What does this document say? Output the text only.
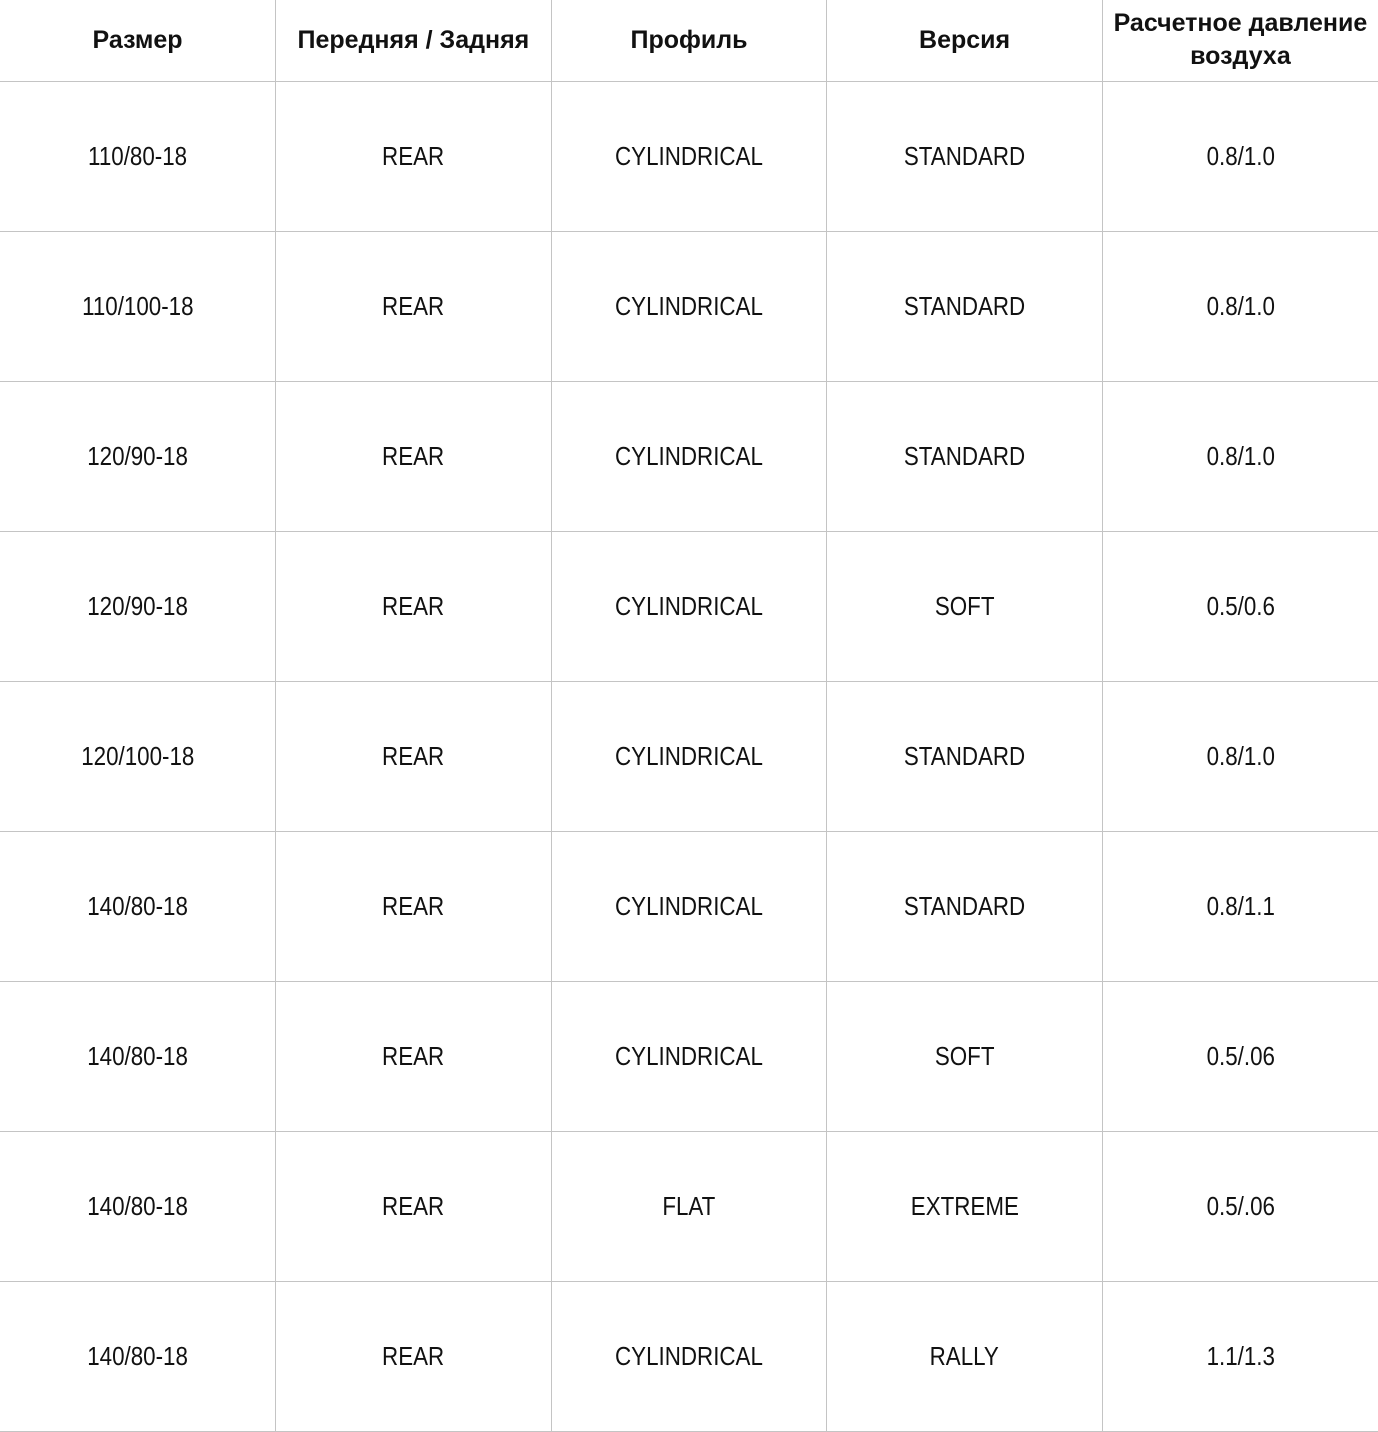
Размер	Передняя / Задняя	Профиль	Версия	Расчетное давление воздуха
110/80-18	REAR	CYLINDRICAL	STANDARD	0.8/1.0
110/100-18	REAR	CYLINDRICAL	STANDARD	0.8/1.0
120/90-18	REAR	CYLINDRICAL	STANDARD	0.8/1.0
120/90-18	REAR	CYLINDRICAL	SOFT	0.5/0.6
120/100-18	REAR	CYLINDRICAL	STANDARD	0.8/1.0
140/80-18	REAR	CYLINDRICAL	STANDARD	0.8/1.1
140/80-18	REAR	CYLINDRICAL	SOFT	0.5/.06
140/80-18	REAR	FLAT	EXTREME	0.5/.06
140/80-18	REAR	CYLINDRICAL	RALLY	1.1/1.3
